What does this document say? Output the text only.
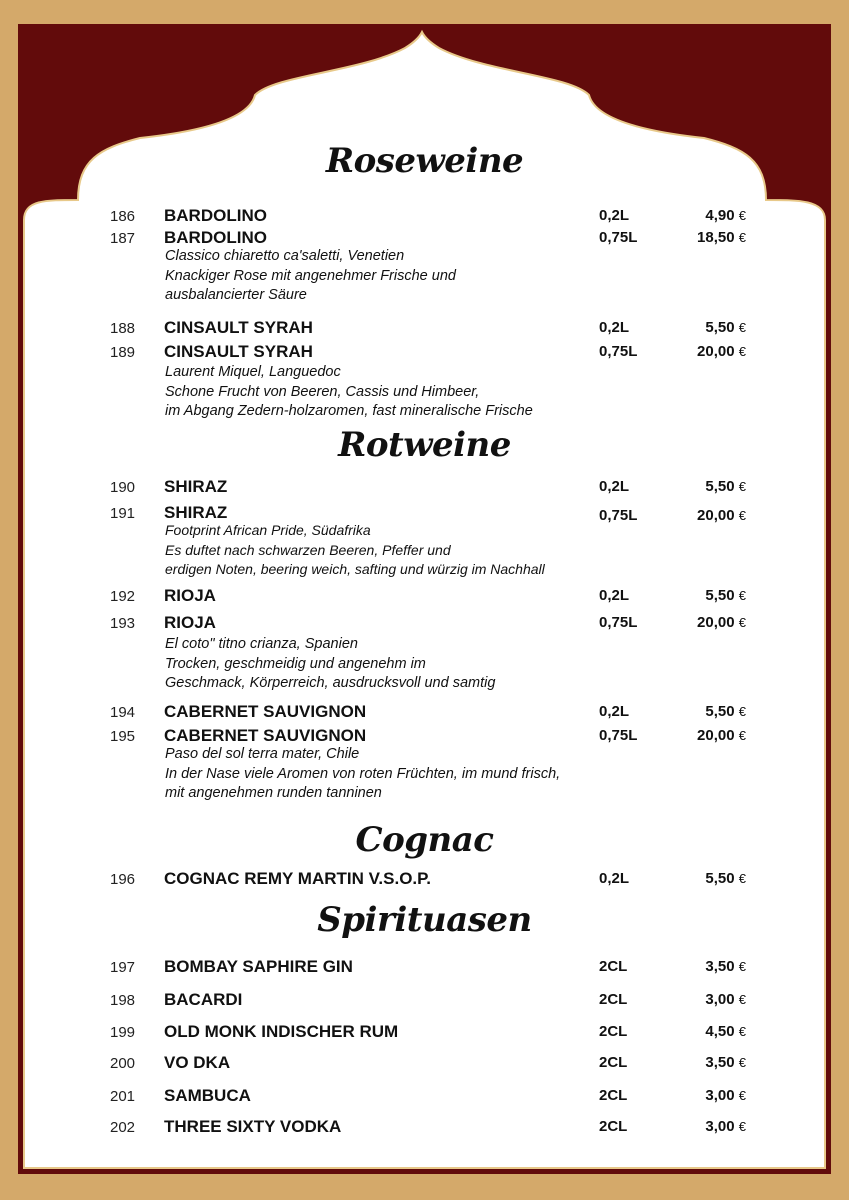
Roseweine
186 BARDOLINO	0,2L	4,90 €
187 BARDOLINO	0,75L	18,50 €
Classico chiaretto ca'saletti, Venetien
Knackiger Rose mit angenehmer Frische und
ausbalancierter Säure
188 CINSAULT SYRAH	0,2L	5,50 €
189 CINSAULT SYRAH	0,75L	20,00 €
Laurent Miquel, Languedoc
Schone Frucht von Beeren, Cassis und Himbeer,
im Abgang Zedern-holzaromen, fast mineralische Frische
Rotweine
190 SHIRAZ	0,2L	5,50 €
191 SHIRAZ	0,75L	20,00 €
Footprint African Pride, Südafrika
Es duftet nach schwarzen Beeren, Pfeffer und
erdigen Noten, beering weich, safting und würzig im Nachhall
192 RIOJA	0,2L	5,50 €
193 RIOJA	0,75L	20,00 €
El coto" titno crianza, Spanien
Trocken, geschmeidig und angenehm im
Geschmack, Körperreich, ausdrucksvoll und samtig
194 CABERNET SAUVIGNON	0,2L	5,50 €
195 CABERNET SAUVIGNON	0,75L	20,00 €
Paso del sol terra mater, Chile
In der Nase viele Aromen von roten Früchten, im mund frisch,
mit angenehmen runden tanninen
Cognac
196 COGNAC REMY MARTIN V.S.O.P.	0,2L	5,50 €
Spirituasen
197 BOMBAY SAPHIRE GIN	2CL	3,50 €
198 BACARDI	2CL	3,00 €
199 OLD MONK INDISCHER RUM	2CL	4,50 €
200 VO DKA	2CL	3,50 €
201 SAMBUCA	2CL	3,00 €
202 THREE SIXTY VODKA	2CL	3,00 €
